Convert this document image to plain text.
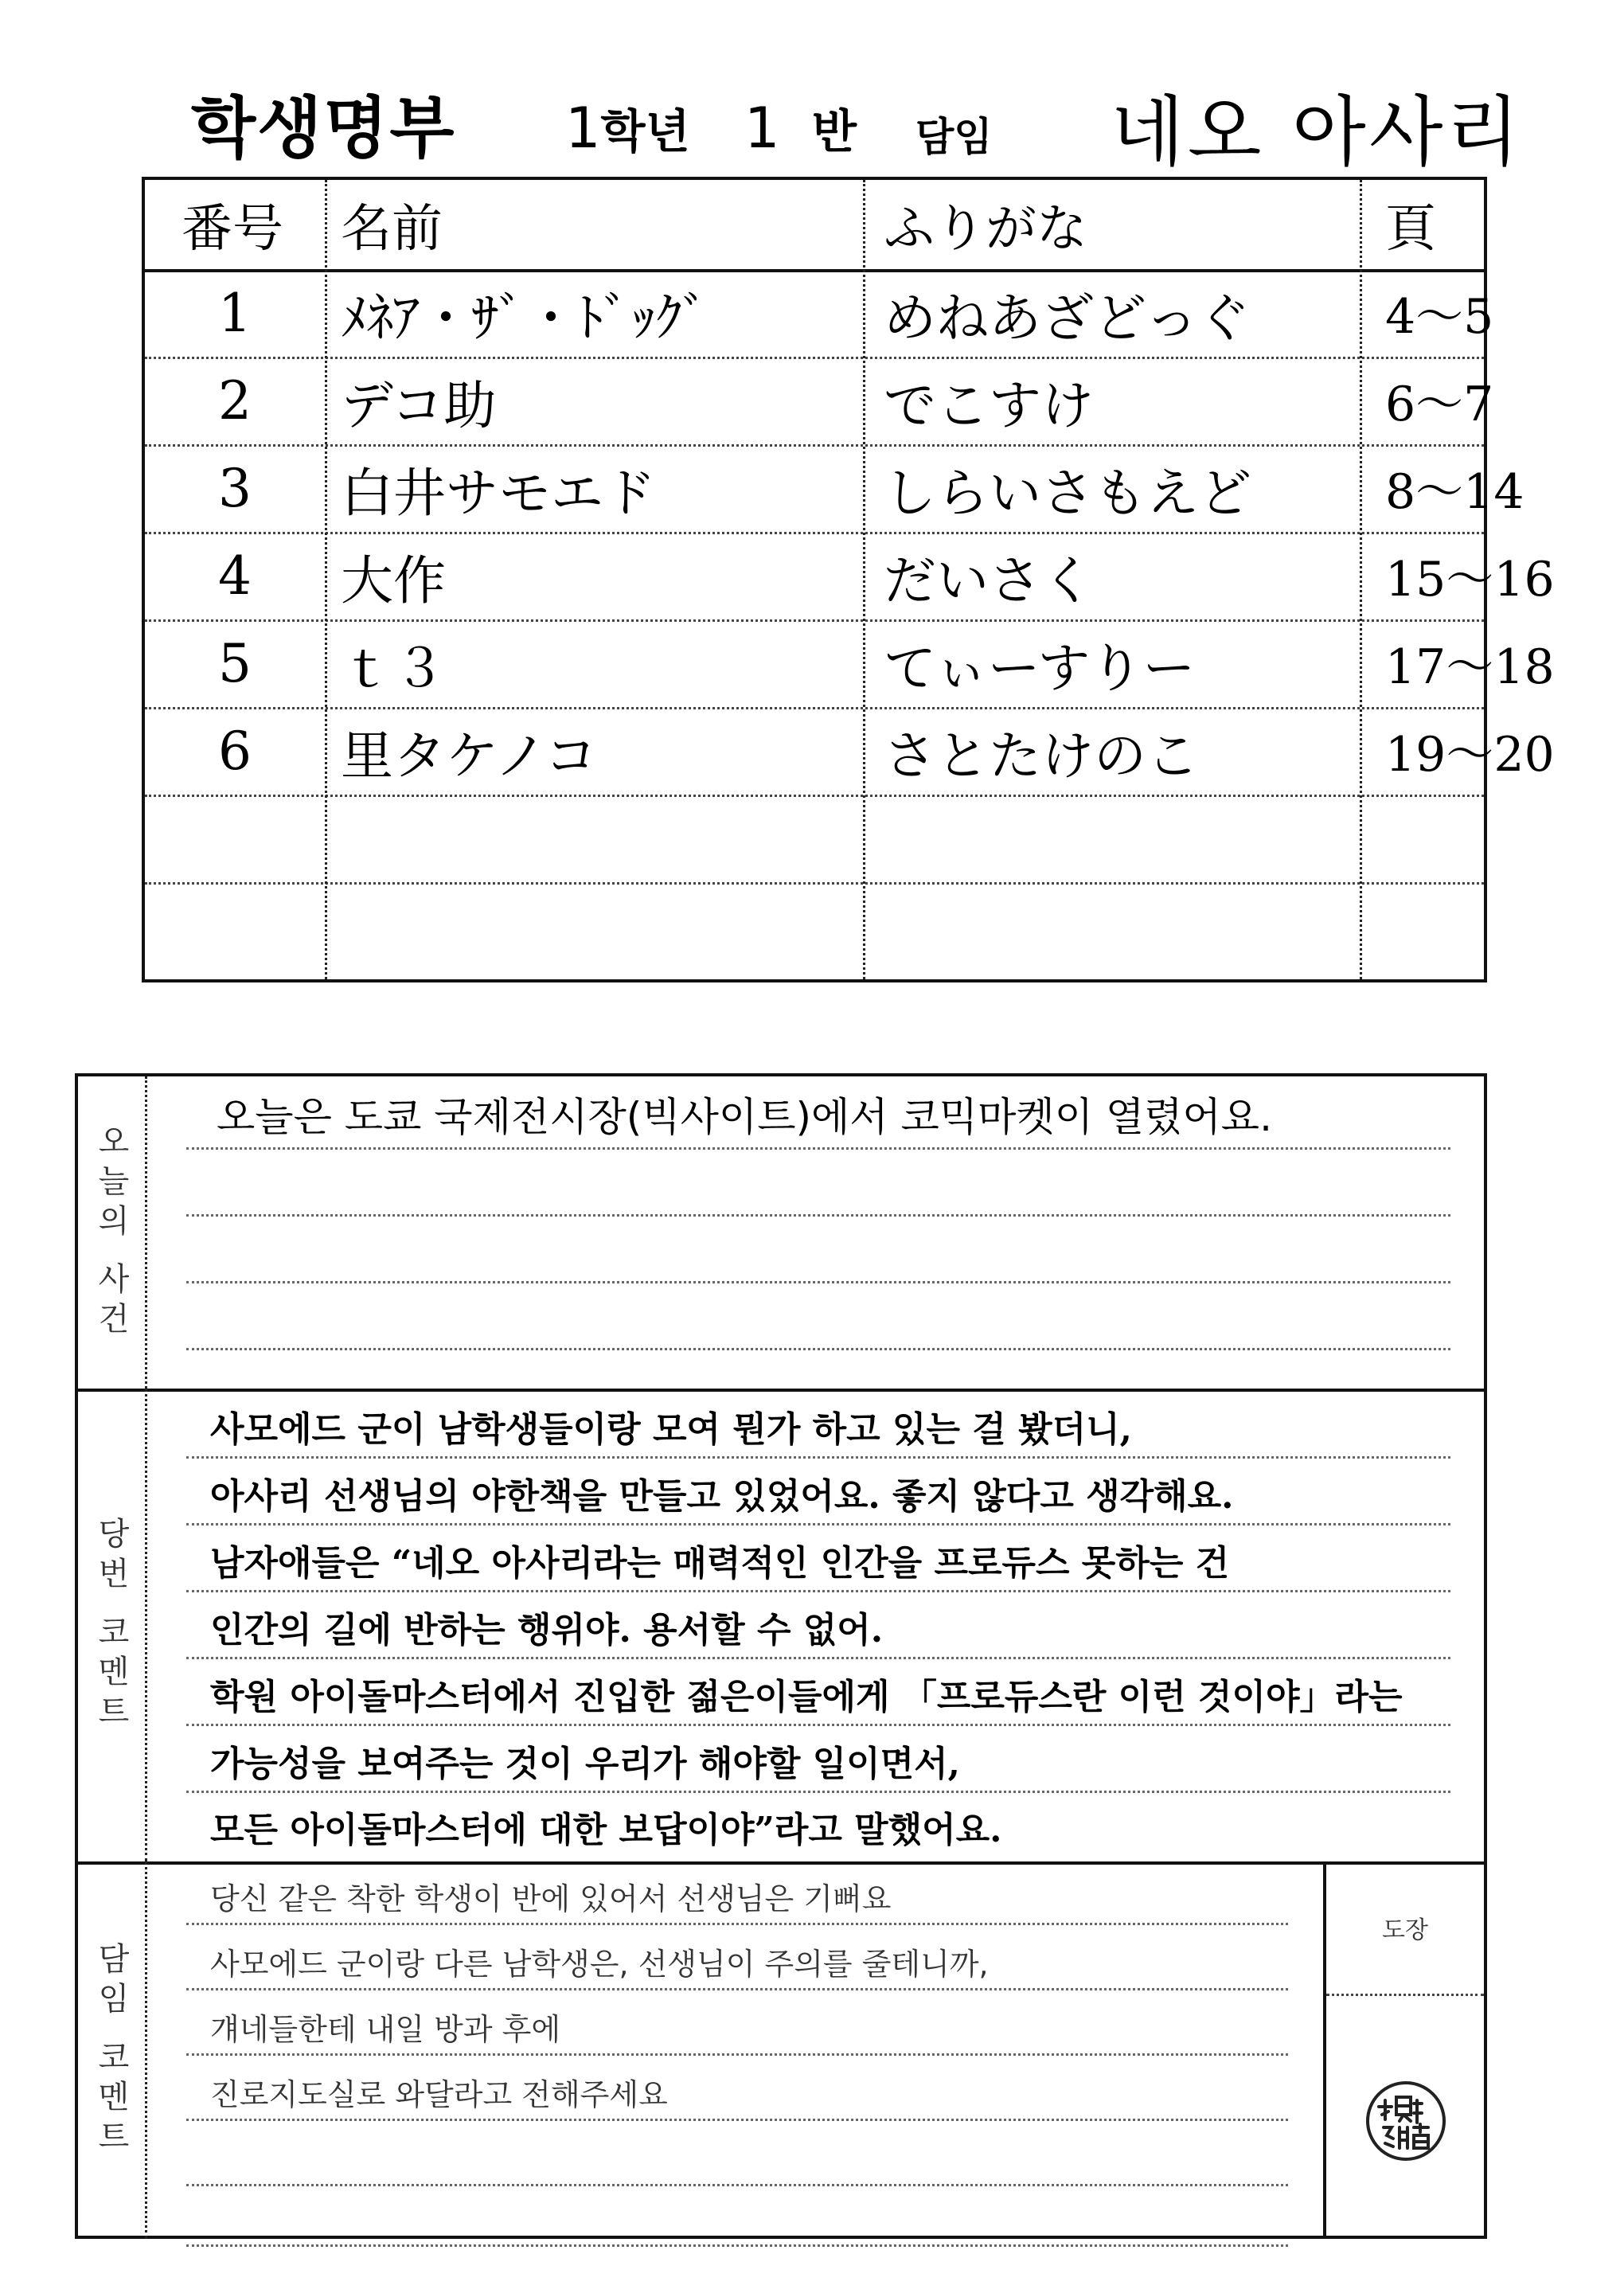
학생명부 1학년 1 반 담임 네오 아사리
番号	名前	ふりがな	頁
1	ﾒﾈｱ・ｻﾞ・ﾄﾞｯｸﾞ	めねあざどっぐ	4〜5
2	デコ助	でこすけ	6〜7
3	白井サモエド	しらいさもえど	8〜14
4	大作	だいさく	15〜16
5	ｔ３	てぃーすりー	17〜18
6	里タケノコ	さとたけのこ	19〜20
오늘의 사건
오늘은 도쿄 국제전시장(빅사이트)에서 코믹마켓이 열렸어요.
당번 코멘트
사모에드 군이 남학생들이랑 모여 뭔가 하고 있는 걸 봤더니,
아사리 선생님의 야한책을 만들고 있었어요. 좋지 않다고 생각해요.
남자애들은 “네오 아사리라는 매력적인 인간을 프로듀스 못하는 건
인간의 길에 반하는 행위야. 용서할 수 없어.
학원 아이돌마스터에서 진입한 젊은이들에게 「프로듀스란 이런 것이야」라는
가능성을 보여주는 것이 우리가 해야할 일이면서,
모든 아이돌마스터에 대한 보답이야”라고 말했어요.
담임 코멘트
당신 같은 착한 학생이 반에 있어서 선생님은 기뻐요
사모에드 군이랑 다른 남학생은, 선생님이 주의를 줄테니까,
걔네들한테 내일 방과 후에
진로지도실로 와달라고 전해주세요
도장
